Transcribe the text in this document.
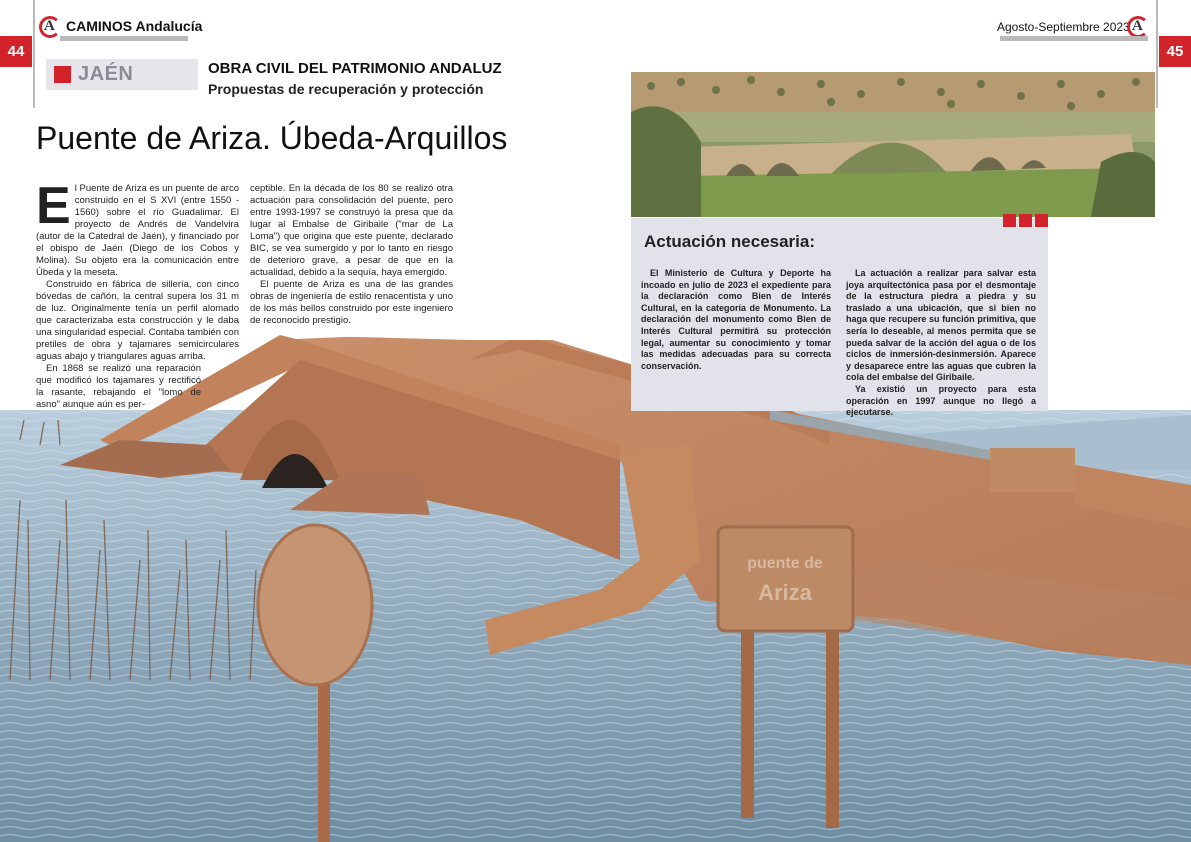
puente de
Ariza
A CAMINOS Andalucía	Agosto-Septiembre 2023 A
44	45
JAÉN	OBRA CIVIL DEL PATRIMONIO ANDALUZ
Propuestas de recuperación y protección
Puente de Ariza. Úbeda-Arquillos

El Puente de Ariza es un puente de arco construido en el S XVI (entre 1550 - 1560) sobre el río Guadalimar. El proyecto de Andrés de Vandelvira (autor de la Catedral de Jaén), y financiado por el obispo de Jaén (Diego de los Cobos y Molina). Su objeto era la comunicación entre Úbeda y la meseta.

Construido en fábrica de sillería, con cinco bóvedas de cañón, la central supera los 31 m de luz. Originalmente tenía un perfil alomado que caracterizaba esta construcción y le daba una singularidad especial. Contaba también con pretiles de obra y tajamares semicirculares aguas abajo y triangulares aguas arriba.

En 1868 se realizó una reparación que modificó los tajamares y rectificó la rasante, rebajando el "lomo de asno" aunque aún es per-

ceptible. En la década de los 80 se realizó otra actuación para consolidación del puente, pero entre 1993-1997 se construyó la presa que da lugar al Embalse de Giribaile ("mar de La Loma") que origina que este puente, declarado BIC, se vea sumergido y por lo tanto en riesgo de deterioro grave, a pesar de que en la actualidad, debido a la sequía, haya emergido.

El puente de Ariza es una de las grandes obras de ingeniería de estilo renacentista y uno de los más bellos construido por este ingeniero de reconocido prestigio.

Actuación necesaria:

El Ministerio de Cultura y Deporte ha incoado en julio de 2023 el expediente para la declaración como Bien de Interés Cultural, en la categoría de Monumento. La declaración del monumento como Bien de Interés Cultural permitirá su protección legal, aumentar su conocimiento y tomar las medidas adecuadas para su correcta conservación.

La actuación a realizar para salvar esta joya arquitectónica pasa por el desmontaje de la estructura piedra a piedra y su traslado a una ubicación, que si bien no haga que recupere su función primitiva, que sería lo deseable, al menos permita que se pueda salvar de la acción del agua o de los ciclos de inmersión-desinmersión. Aparece y desaparece entre las aguas que cubren la cola del embalse del Giribaile.

Ya existió un proyecto para esta operación en 1997 aunque no llegó a ejecutarse.
